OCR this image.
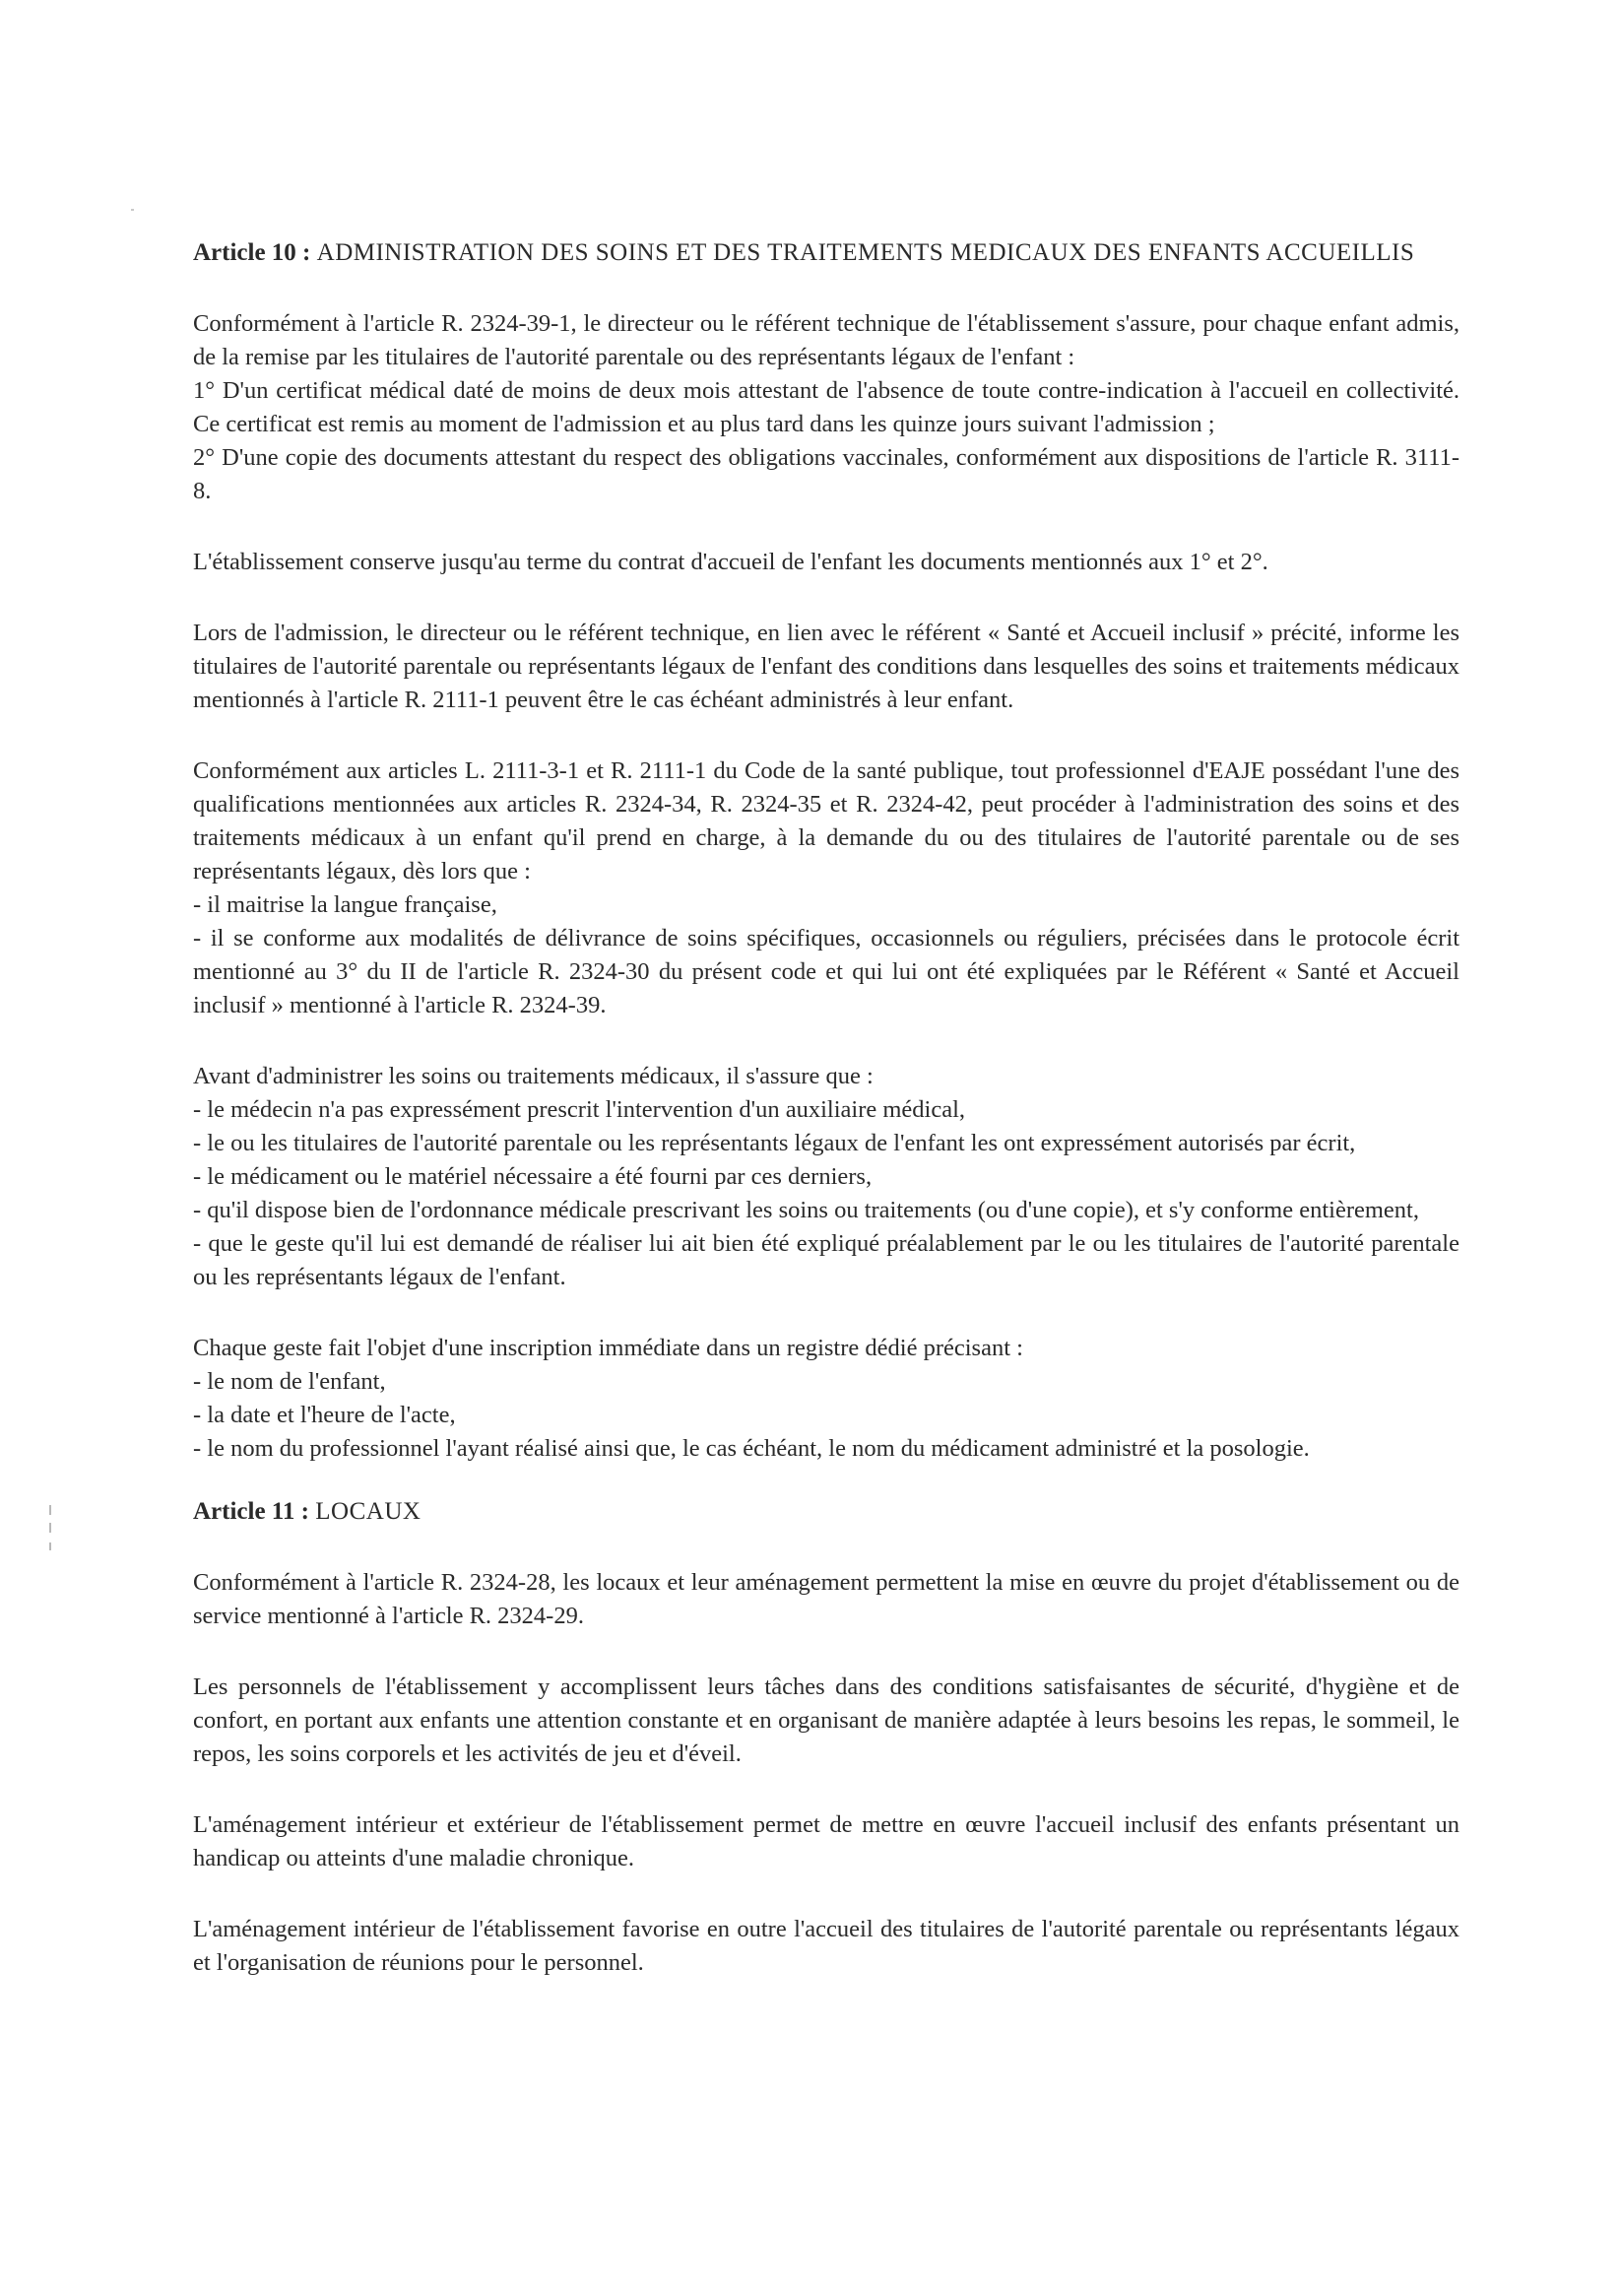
Article 10 : ADMINISTRATION DES SOINS ET DES TRAITEMENTS MEDICAUX DES ENFANTS ACCUEILLIS

Conformément à l'article R. 2324-39-1, le directeur ou le référent technique de l'établissement s'assure, pour chaque enfant admis, de la remise par les titulaires de l'autorité parentale ou des représentants légaux de l'enfant :
1° D'un certificat médical daté de moins de deux mois attestant de l'absence de toute contre-indication à l'accueil en collectivité. Ce certificat est remis au moment de l'admission et au plus tard dans les quinze jours suivant l'admission ;
2° D'une copie des documents attestant du respect des obligations vaccinales, conformément aux dispositions de l'article R. 3111-8.

L'établissement conserve jusqu'au terme du contrat d'accueil de l'enfant les documents mentionnés aux 1° et 2°.

Lors de l'admission, le directeur ou le référent technique, en lien avec le référent « Santé et Accueil inclusif » précité, informe les titulaires de l'autorité parentale ou représentants légaux de l'enfant des conditions dans lesquelles des soins et traitements médicaux mentionnés à l'article R. 2111-1 peuvent être le cas échéant administrés à leur enfant.

Conformément aux articles L. 2111-3-1 et R. 2111-1 du Code de la santé publique, tout professionnel d'EAJE possédant l'une des qualifications mentionnées aux articles R. 2324-34, R. 2324-35 et R. 2324-42, peut procéder à l'administration des soins et des traitements médicaux à un enfant qu'il prend en charge, à la demande du ou des titulaires de l'autorité parentale ou de ses représentants légaux, dès lors que :
- il maitrise la langue française,
- il se conforme aux modalités de délivrance de soins spécifiques, occasionnels ou réguliers, précisées dans le protocole écrit mentionné au 3° du II de l'article R. 2324-30 du présent code et qui lui ont été expliquées par le Référent « Santé et Accueil inclusif » mentionné à l'article R. 2324-39.

Avant d'administrer les soins ou traitements médicaux, il s'assure que :
- le médecin n'a pas expressément prescrit l'intervention d'un auxiliaire médical,
- le ou les titulaires de l'autorité parentale ou les représentants légaux de l'enfant les ont expressément autorisés par écrit,
- le médicament ou le matériel nécessaire a été fourni par ces derniers,
- qu'il dispose bien de l'ordonnance médicale prescrivant les soins ou traitements (ou d'une copie), et s'y conforme entièrement,
- que le geste qu'il lui est demandé de réaliser lui ait bien été expliqué préalablement par le ou les titulaires de l'autorité parentale ou les représentants légaux de l'enfant.

Chaque geste fait l'objet d'une inscription immédiate dans un registre dédié précisant :
- le nom de l'enfant,
- la date et l'heure de l'acte,
- le nom du professionnel l'ayant réalisé ainsi que, le cas échéant, le nom du médicament administré et la posologie.

Article 11 : LOCAUX

Conformément à l'article R. 2324-28, les locaux et leur aménagement permettent la mise en œuvre du projet d'établissement ou de service mentionné à l'article R. 2324-29.

Les personnels de l'établissement y accomplissent leurs tâches dans des conditions satisfaisantes de sécurité, d'hygiène et de confort, en portant aux enfants une attention constante et en organisant de manière adaptée à leurs besoins les repas, le sommeil, le repos, les soins corporels et les activités de jeu et d'éveil.

L'aménagement intérieur et extérieur de l'établissement permet de mettre en œuvre l'accueil inclusif des enfants présentant un handicap ou atteints d'une maladie chronique.

L'aménagement intérieur de l'établissement favorise en outre l'accueil des titulaires de l'autorité parentale ou représentants légaux et l'organisation de réunions pour le personnel.
